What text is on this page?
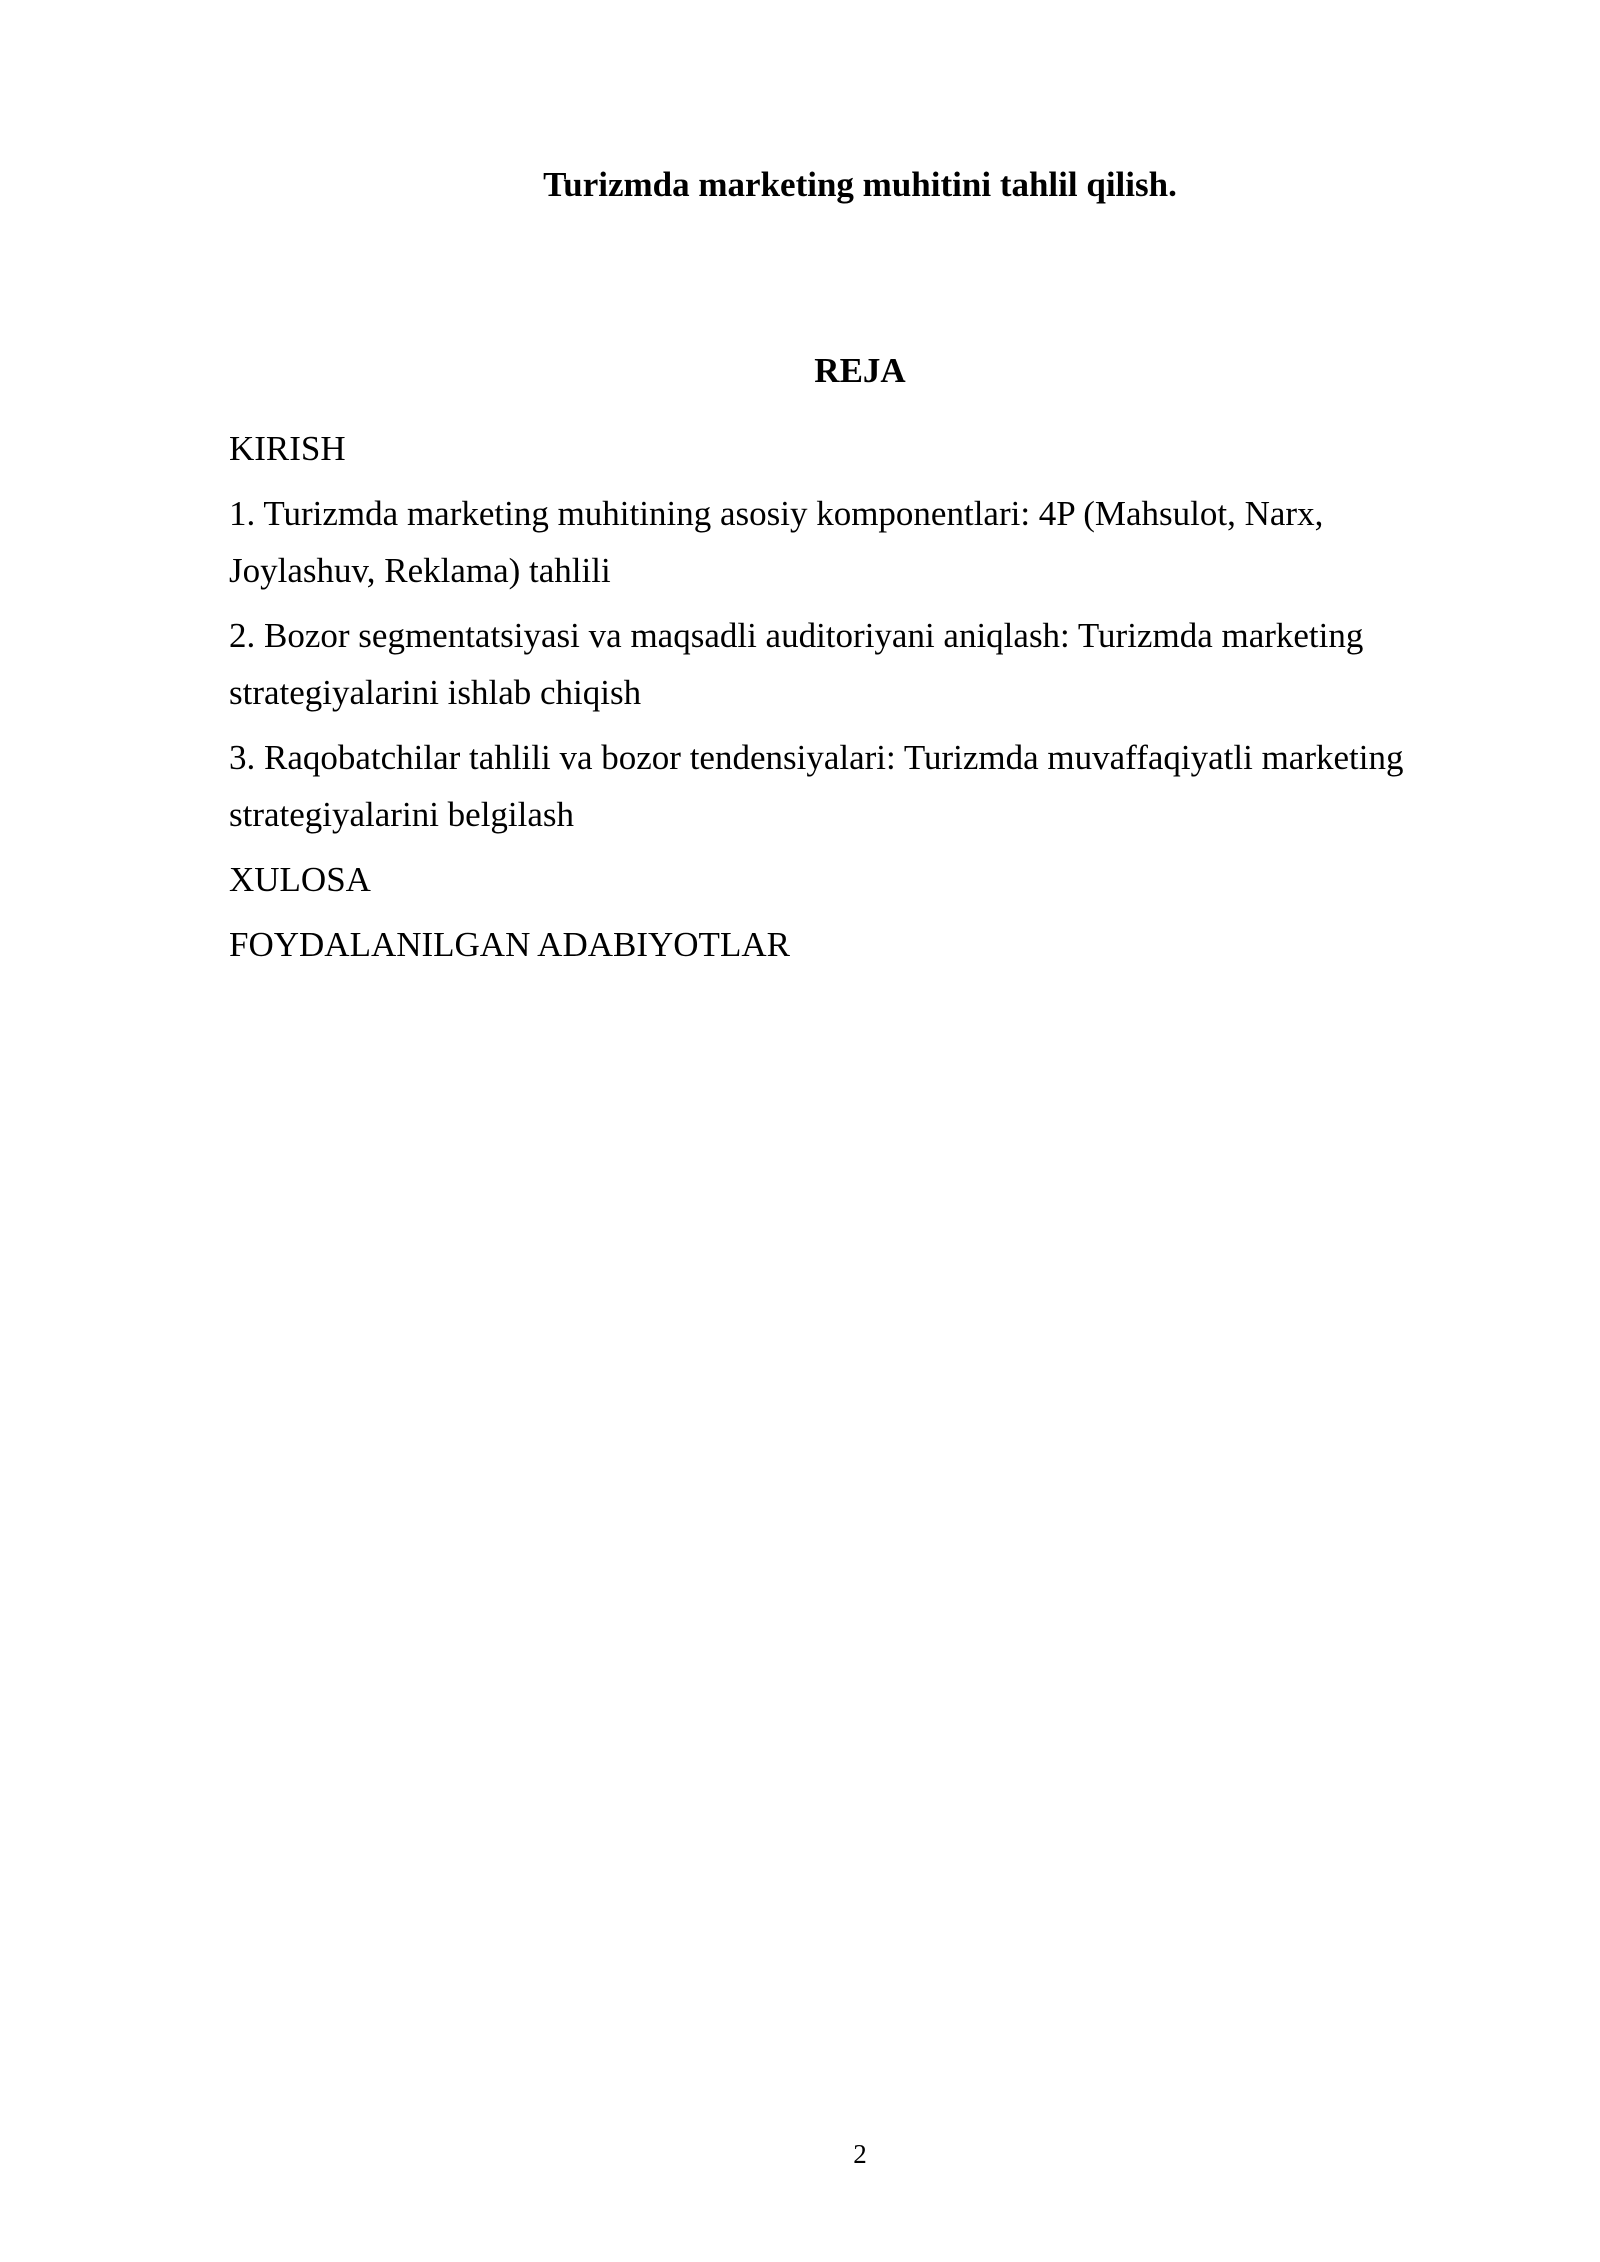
Turizmda marketing muhitini tahlil qilish.
REJA
KIRISH
1. Turizmda marketing muhitining asosiy komponentlari: 4P (Mahsulot, Narx, Joylashuv, Reklama) tahlili
2. Bozor segmentatsiyasi va maqsadli auditoriyani aniqlash: Turizmda marketing strategiyalarini ishlab chiqish
3. Raqobatchilar tahlili va bozor tendensiyalari: Turizmda muvaffaqiyatli marketing strategiyalarini belgilash
XULOSA
FOYDALANILGAN ADABIYOTLAR
2
